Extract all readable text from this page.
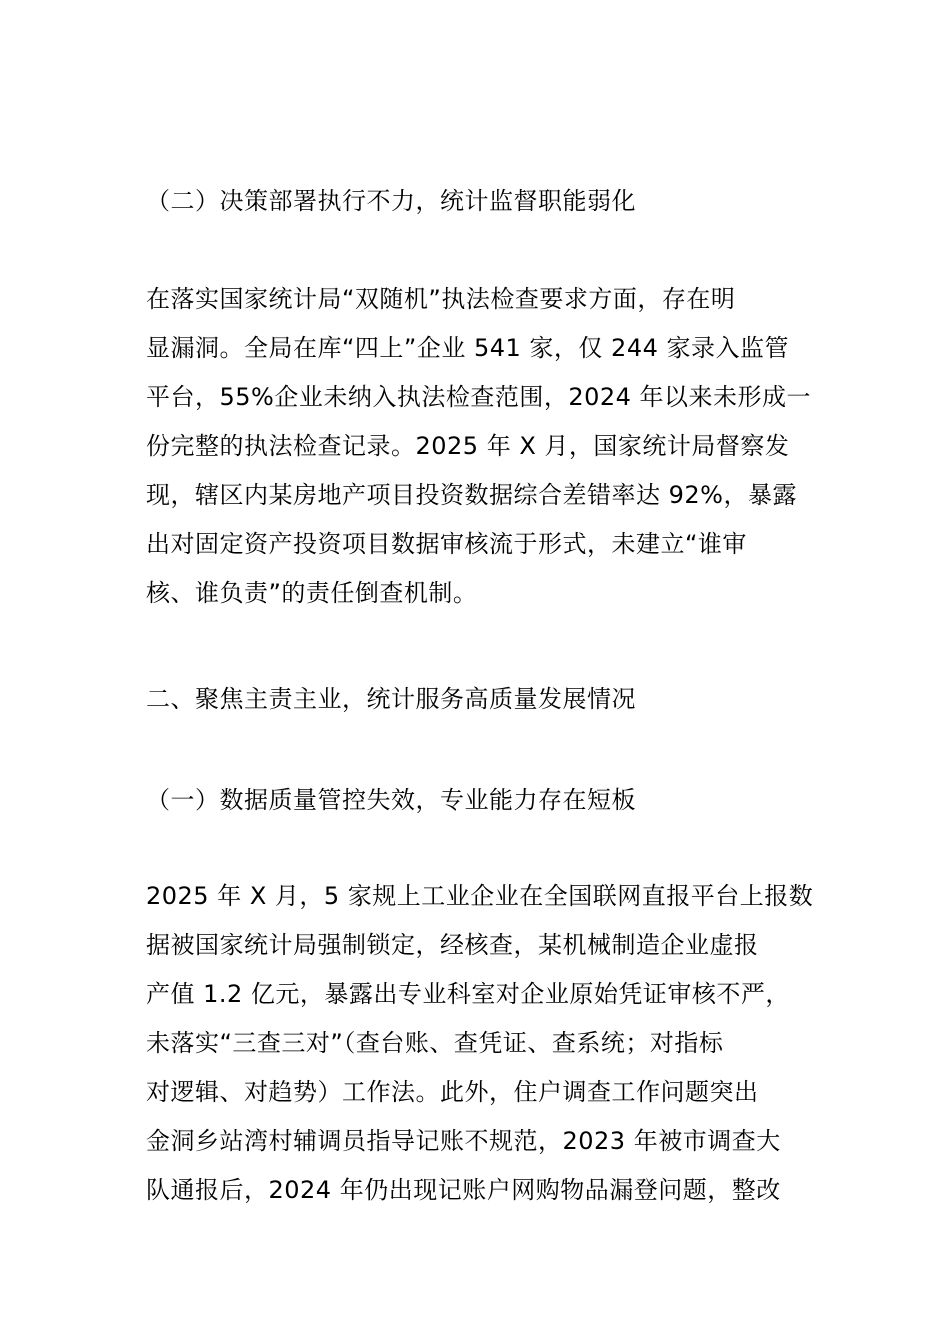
（二）决策部署执行不力，统计监督职能弱化
在落实国家统计局“双随机”执法检查要求方面，存在明
显漏洞。全局在库“四上”企业 541 家，仅 244 家录入监管
平台，55%企业未纳入执法检查范围，2024 年以来未形成一
份完整的执法检查记录。2025 年 X 月，国家统计局督察发
现，辖区内某房地产项目投资数据综合差错率达 92%，暴露
出对固定资产投资项目数据审核流于形式，未建立“谁审
核、谁负责”的责任倒查机制。
二、聚焦主责主业，统计服务高质量发展情况
（一）数据质量管控失效，专业能力存在短板
2025 年 X 月，5 家规上工业企业在全国联网直报平台上报数
据被国家统计局强制锁定，经核查，某机械制造企业虚报
产值 1.2 亿元，暴露出专业科室对企业原始凭证审核不严，
未落实“三查三对”（查台账、查凭证、查系统；对指标
对逻辑、对趋势）工作法。此外，住户调查工作问题突出
金洞乡站湾村辅调员指导记账不规范，2023 年被市调查大
队通报后，2024 年仍出现记账户网购物品漏登问题，整改
